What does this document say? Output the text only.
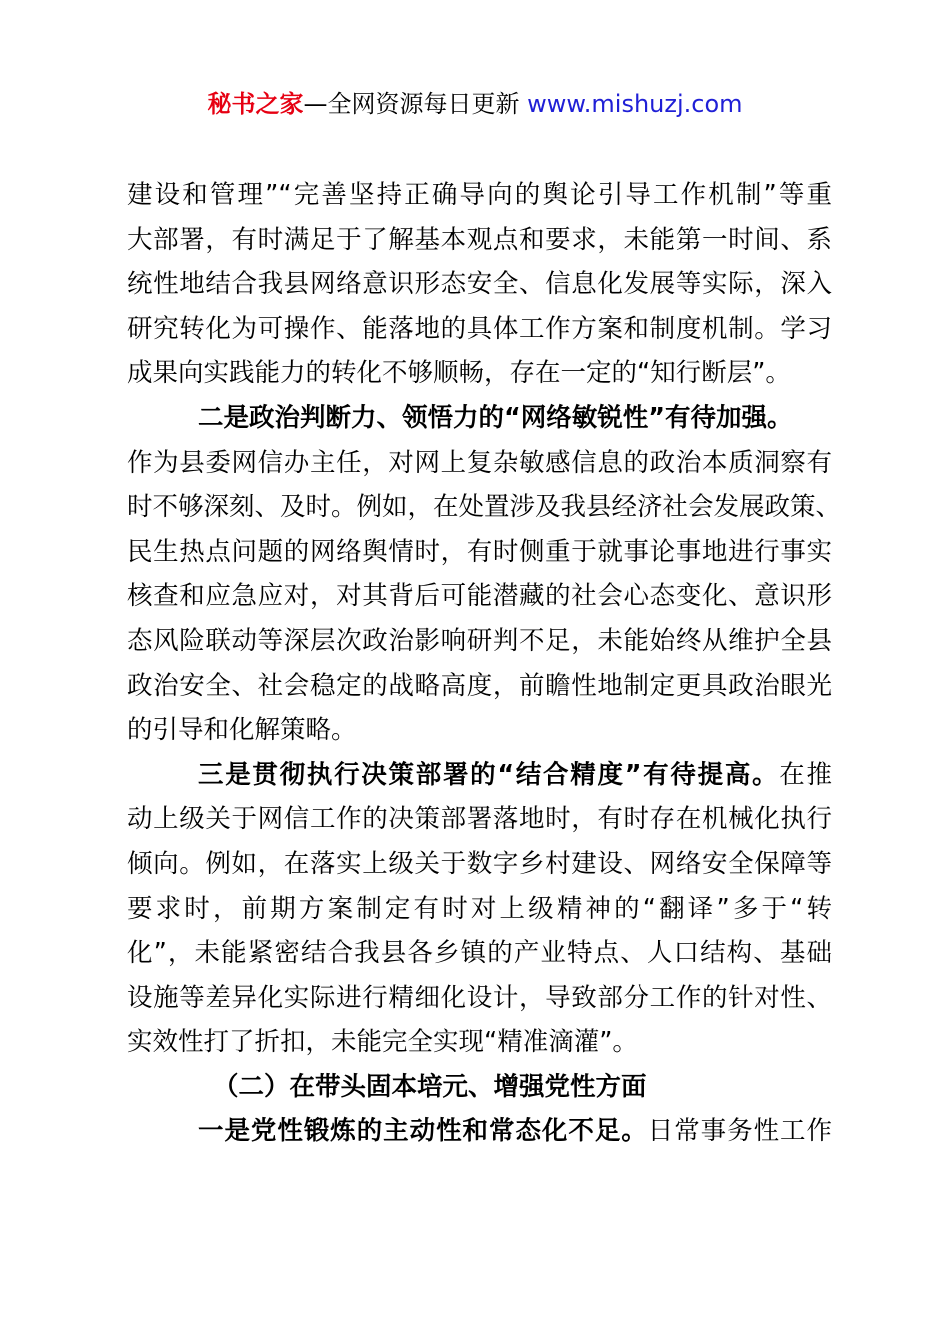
秘书之家—全网资源每日更新 www.mishuzj.com
建设和管理”“完善坚持正确导向的舆论引导工作机制”等重
大部署，有时满足于了解基本观点和要求，未能第一时间、系
统性地结合我县网络意识形态安全、信息化发展等实际，深入
研究转化为可操作、能落地的具体工作方案和制度机制。学习
成果向实践能力的转化不够顺畅，存在一定的“知行断层”。
二是政治判断力、领悟力的“网络敏锐性”有待加强。
作为县委网信办主任，对网上复杂敏感信息的政治本质洞察有
时不够深刻、及时。例如，在处置涉及我县经济社会发展政策、
民生热点问题的网络舆情时，有时侧重于就事论事地进行事实
核查和应急应对，对其背后可能潜藏的社会心态变化、意识形
态风险联动等深层次政治影响研判不足，未能始终从维护全县
政治安全、社会稳定的战略高度，前瞻性地制定更具政治眼光
的引导和化解策略。
三是贯彻执行决策部署的“结合精度”有待提高。在推
动上级关于网信工作的决策部署落地时，有时存在机械化执行
倾向。例如，在落实上级关于数字乡村建设、网络安全保障等
要求时，前期方案制定有时对上级精神的“翻译”多于“转
化”，未能紧密结合我县各乡镇的产业特点、人口结构、基础
设施等差异化实际进行精细化设计，导致部分工作的针对性、
实效性打了折扣，未能完全实现“精准滴灌”。
（二）在带头固本培元、增强党性方面
一是党性锻炼的主动性和常态化不足。日常事务性工作
